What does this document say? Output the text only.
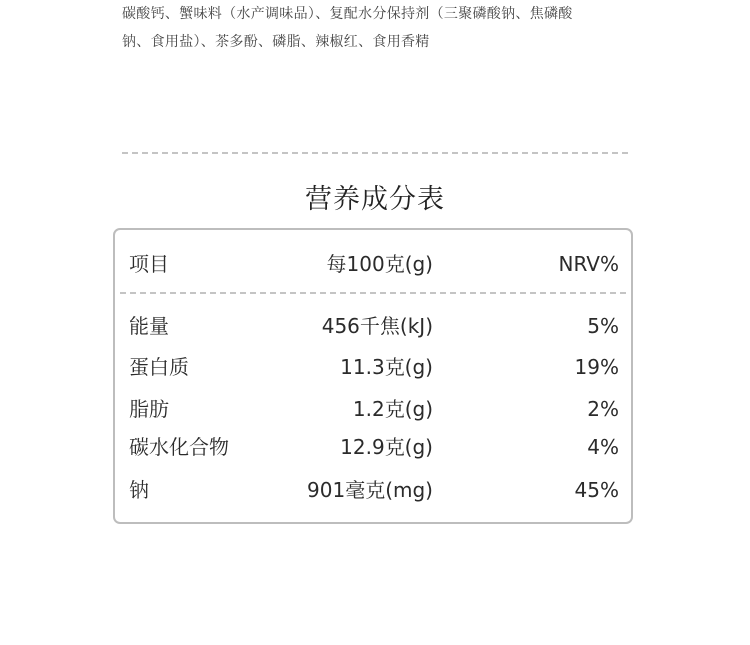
碳酸钙、蟹味料（水产调味品）、复配水分保持剂（三聚磷酸钠、焦磷酸

钠、食用盐）、茶多酚、磷脂、辣椒红、食用香精

营养成分表
项目	每100克(g)	NRV%
能量	456千焦(kJ)	5%
蛋白质	11.3克(g)	19%
脂肪	1.2克(g)	2%
碳水化合物	12.9克(g)	4%
钠	901毫克(mg)	45%
